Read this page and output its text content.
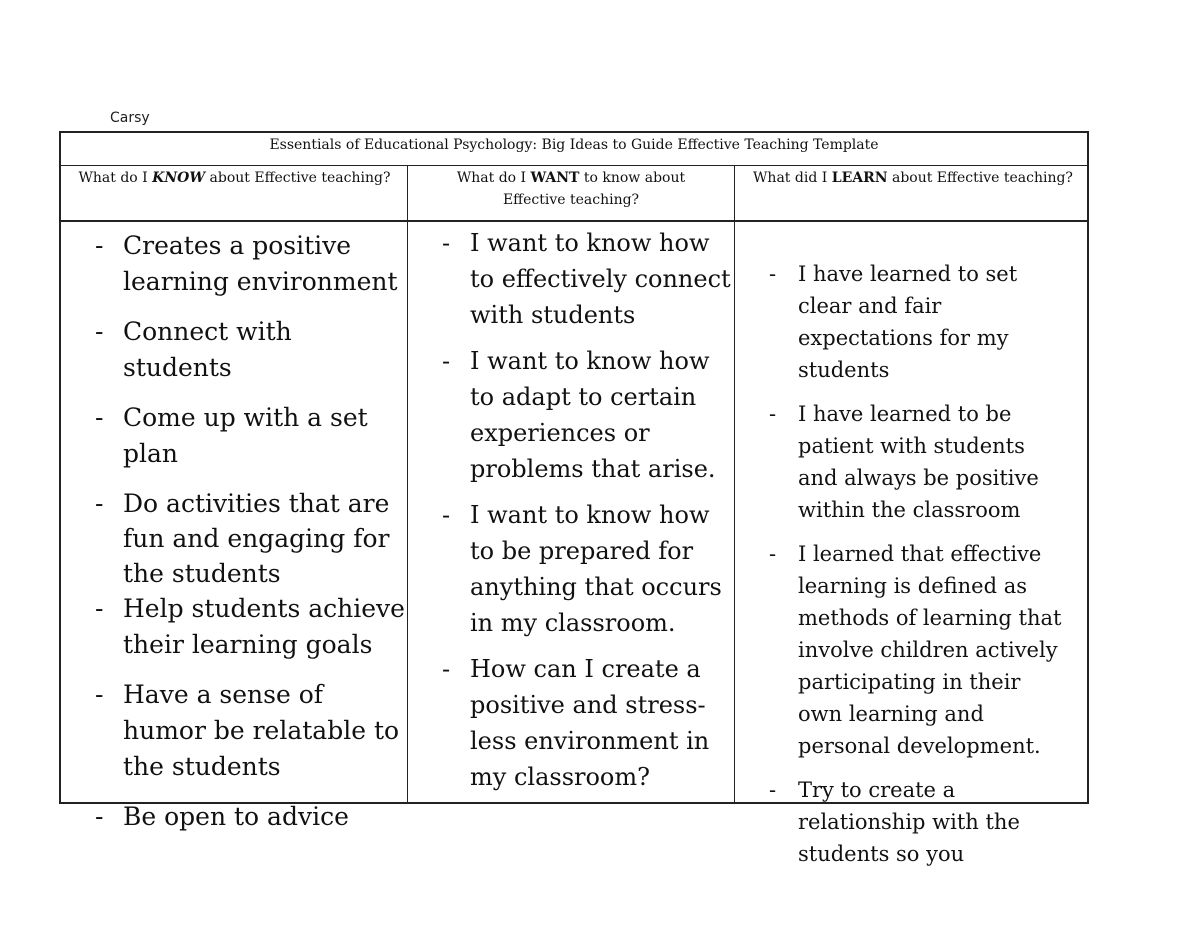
Carsy
Essentials of Educational Psychology: Big Ideas to Guide Effective Teaching Template
What do I KNOW about Effective teaching?	What do I WANT to know about Effective teaching?
What did I LEARN about Effective teaching?
- Creates a positive learning environment
- Connect with students
- Come up with a set plan
- Do activities that are fun and engaging for the students
- Help students achieve their learning goals
- Have a sense of humor be relatable to the students
- Be open to advice
- I want to know how to effectively connect with students
- I want to know how to adapt to certain experiences or problems that arise.
- I want to know how to be prepared for anything that occurs in my classroom.
- How can I create a positive and stress-less environment in my classroom?
- I have learned to set clear and fair expectations for my students
- I have learned to be patient with students and always be positive within the classroom
- I learned that effective learning is defined as methods of learning that involve children actively participating in their own learning and personal development.
- Try to create a relationship with the students so you
